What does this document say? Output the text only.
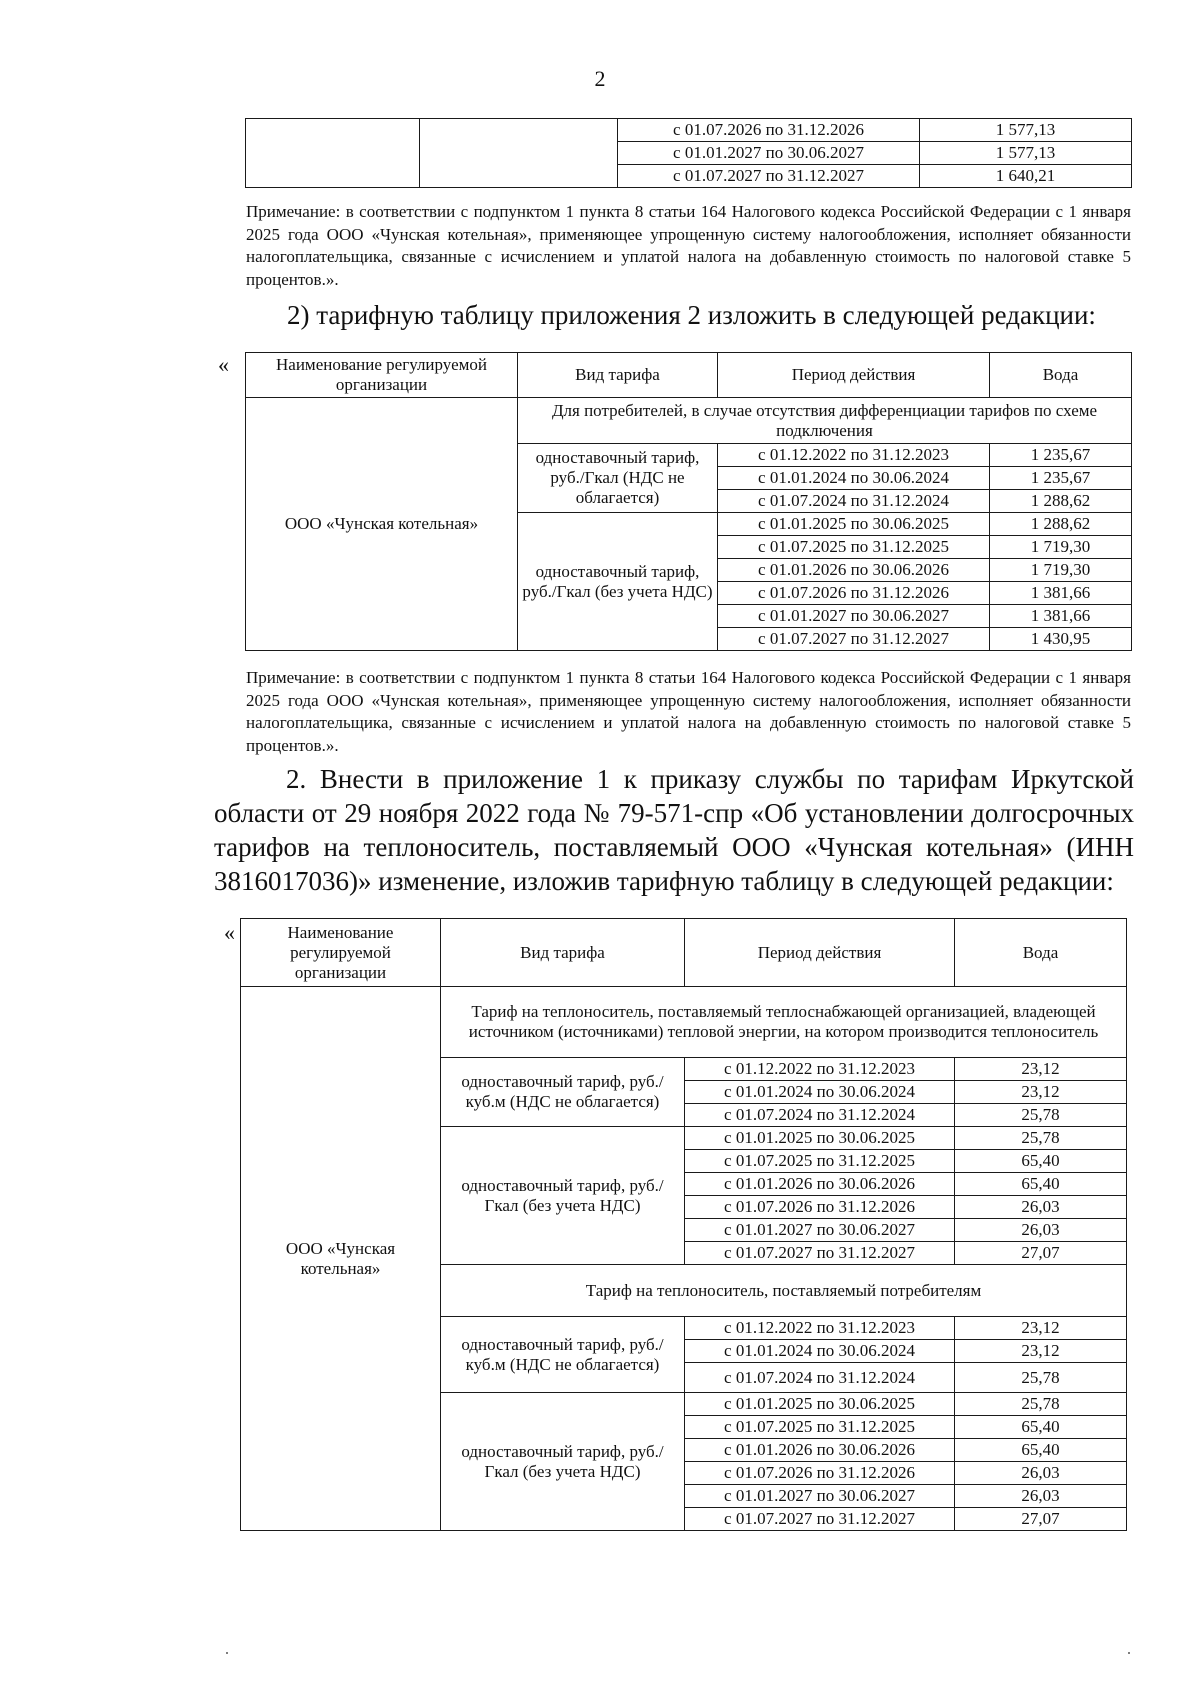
2
		с 01.07.2026 по 31.12.2026	1 577,13
		с 01.01.2027 по 30.06.2027	1 577,13
		с 01.07.2027 по 31.12.2027	1 640,21
Примечание: в соответствии с подпунктом 1 пункта 8 статьи 164 Налогового кодекса Российской Федерации с 1 января 2025 года ООО «Чунская котельная», применяющее упрощенную систему налогообложения, исполняет обязанности налогоплательщика, связанные с исчислением и уплатой налога на добавленную стоимость по налоговой ставке 5 процентов.».
2) тарифную таблицу приложения 2 изложить в следующей редакции:
«	Наименование регулируемой организации	Вид тарифа	Период действия	Вода
ООО «Чунская котельная»	Для потребителей, в случае отсутствия дифференциации тарифов по схеме подключения		
	одноставочный тариф, руб./Гкал (НДС не облагается)	с 01.12.2022 по 31.12.2023	1 235,67
		с 01.01.2024 по 30.06.2024	1 235,67
		с 01.07.2024 по 31.12.2024	1 288,62
	одноставочный тариф, руб./Гкал (без учета НДС)	с 01.01.2025 по 30.06.2025	1 288,62
		с 01.07.2025 по 31.12.2025	1 719,30
		с 01.01.2026 по 30.06.2026	1 719,30
		с 01.07.2026 по 31.12.2026	1 381,66
		с 01.01.2027 по 30.06.2027	1 381,66
		с 01.07.2027 по 31.12.2027	1 430,95
Примечание: в соответствии с подпунктом 1 пункта 8 статьи 164 Налогового кодекса Российской Федерации с 1 января 2025 года ООО «Чунская котельная», применяющее упрощенную систему налогообложения, исполняет обязанности налогоплательщика, связанные с исчислением и уплатой налога на добавленную стоимость по налоговой ставке 5 процентов.».
2. Внести в приложение 1 к приказу службы по тарифам Иркутской области от 29 ноября 2022 года № 79-571-спр «Об установлении долгосрочных тарифов на теплоноситель, поставляемый ООО «Чунская котельная» (ИНН 3816017036)» изменение, изложив тарифную таблицу в следующей редакции:
«	Наименование регулируемой организации	Вид тарифа	Период действия	Вода
ООО «Чунская котельная»	Тариф на теплоноситель, поставляемый теплоснабжающей организацией, владеющей источником (источниками) тепловой энергии, на котором производится теплоноситель		
	одноставочный тариф, руб./куб.м (НДС не облагается)	с 01.12.2022 по 31.12.2023	23,12
		с 01.01.2024 по 30.06.2024	23,12
		с 01.07.2024 по 31.12.2024	25,78
	одноставочный тариф, руб./Гкал (без учета НДС)	с 01.01.2025 по 30.06.2025	25,78
		с 01.07.2025 по 31.12.2025	65,40
		с 01.01.2026 по 30.06.2026	65,40
		с 01.07.2026 по 31.12.2026	26,03
		с 01.01.2027 по 30.06.2027	26,03
		с 01.07.2027 по 31.12.2027	27,07
	Тариф на теплоноситель, поставляемый потребителям		
	одноставочный тариф, руб./куб.м (НДС не облагается)	с 01.12.2022 по 31.12.2023	23,12
		с 01.01.2024 по 30.06.2024	23,12
		с 01.07.2024 по 31.12.2024	25,78
	одноставочный тариф, руб./Гкал (без учета НДС)	с 01.01.2025 по 30.06.2025	25,78
		с 01.07.2025 по 31.12.2025	65,40
		с 01.01.2026 по 30.06.2026	65,40
		с 01.07.2026 по 31.12.2026	26,03
		с 01.01.2027 по 30.06.2027	26,03
		с 01.07.2027 по 31.12.2027	27,07
